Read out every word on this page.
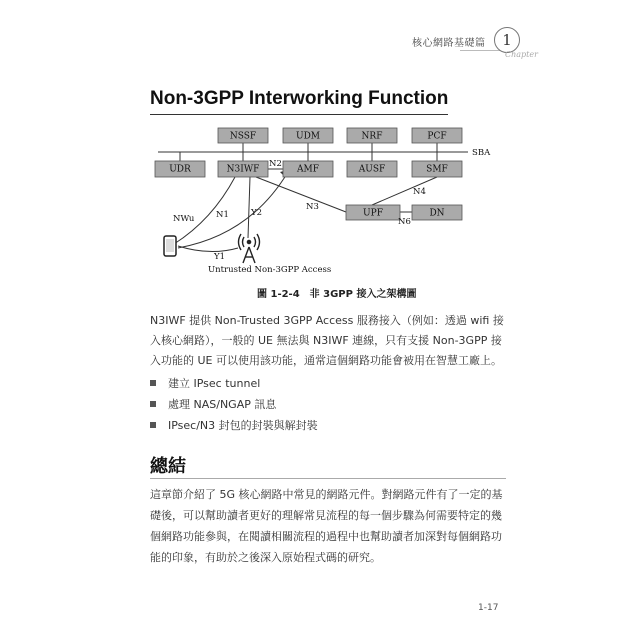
核心網路基礎篇	1
Chapter
Non-3GPP Interworking Function
NSSF	UDM	NRF	PCF
SBA
UDR	N3IWF	AMF	AUSF	SMF
UPF	DN
N2
N3
N4
N6
NWu	N1	Y2
Y1
Untrusted Non-3GPP Access
圖 1-2-4 非 3GPP 接入之架構圖
N3IWF 提供 Non-Trusted 3GPP Access 服務接入（例如：透過 wifi 接入核心網路），一般的 UE 無法與 N3IWF 連線，只有支援 Non-3GPP 接入功能的 UE 可以使用該功能，通常這個網路功能會被用在智慧工廠上。
建立 IPsec tunnel
處理 NAS/NGAP 訊息
IPsec/N3 封包的封裝與解封裝
總結
這章節介紹了 5G 核心網路中常見的網路元件。對網路元件有了一定的基礎後，可以幫助讀者更好的理解常見流程的每一個步驟為何需要特定的幾個網路功能參與，在閱讀相關流程的過程中也幫助讀者加深對每個網路功能的印象，有助於之後深入原始程式碼的研究。
1-17
